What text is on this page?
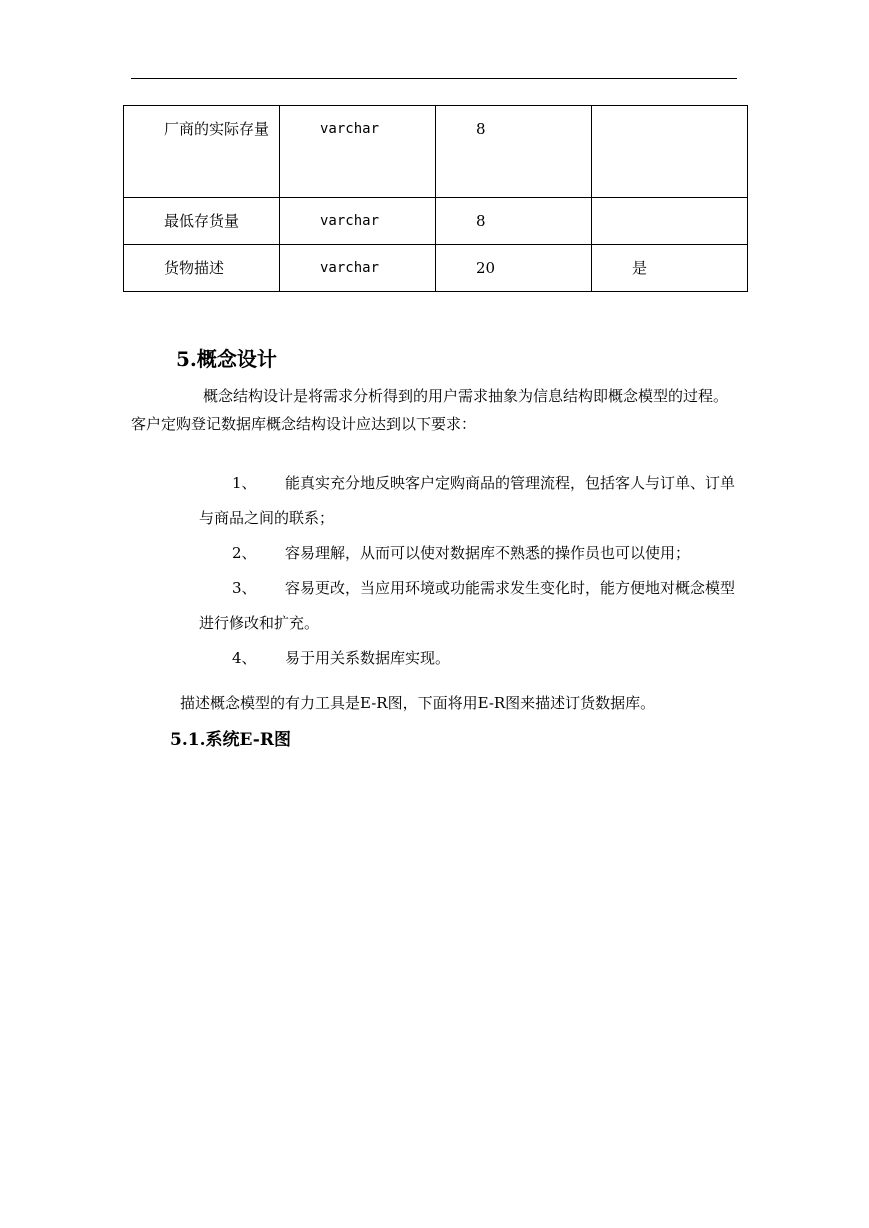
厂商的实际存量	varchar	8	

最低存货量	varchar	8	

货物描述	varchar	20	是
5.概念设计

概念结构设计是将需求分析得到的用户需求抽象为信息结构即概念模型的过程。客户定购登记数据库概念结构设计应达到以下要求：

1、 能真实充分地反映客户定购商品的管理流程，包括客人与订单、订单与商品之间的联系；
2、 容易理解，从而可以使对数据库不熟悉的操作员也可以使用；
3、 容易更改，当应用环境或功能需求发生变化时，能方便地对概念模型进行修改和扩充。
4、 易于用关系数据库实现。

描述概念模型的有力工具是E-R图，下面将用E-R图来描述订货数据库。

5.1.系统E-R图
